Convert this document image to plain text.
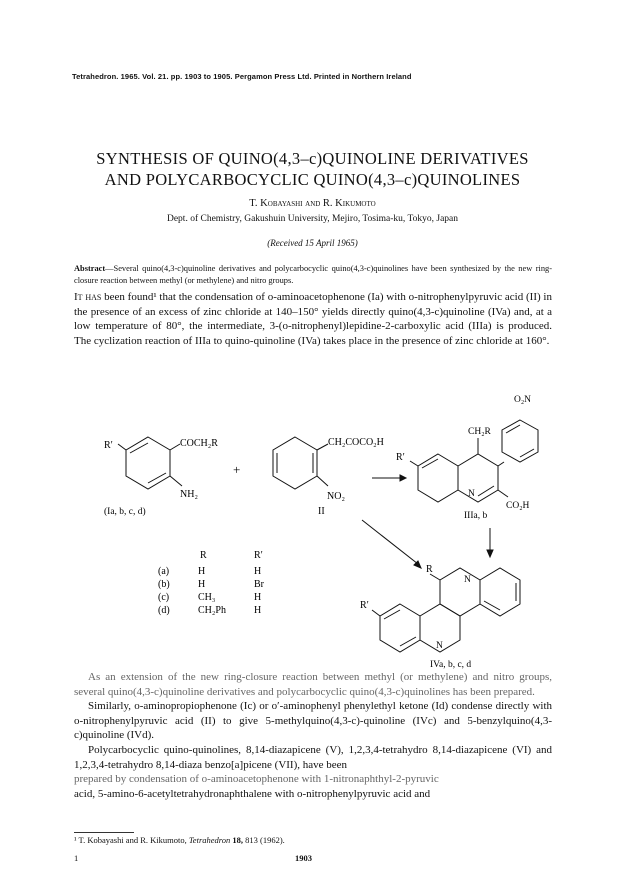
Tetrahedron. 1965. Vol. 21. pp. 1903 to 1905. Pergamon Press Ltd. Printed in Northern Ireland
SYNTHESIS OF QUINO(4,3–c)QUINOLINE DERIVATIVES
AND POLYCARBOCYCLIC QUINO(4,3–c)QUINOLINES
T. Kobayashi and R. Kikumoto
Dept. of Chemistry, Gakushuin University, Mejiro, Tosima-ku, Tokyo, Japan
(Received 15 April 1965)
Abstract—Several quino(4,3-c)quinoline derivatives and polycarbocyclic quino(4,3-c)quinolines have been synthesized by the new ring-closure reaction between methyl (or methylene) and nitro groups.
It has been found¹ that the condensation of o-aminoacetophenone (Ia) with o-nitrophenylpyruvic acid (II) in the presence of an excess of zinc chloride at 140–150° yields directly quino(4,3-c)quinoline (IVa) and, at a low temperature of 80°, the intermediate, 3-(o-nitrophenyl)lepidine-2-carboxylic acid (IIIa) is produced. The cyclization reaction of IIIa to quino-quinoline (IVa) takes place in the presence of zinc chloride at 160°.
R′	COCH₂R
NH₂
(Ia, b, c, d)
+
CH₂COCO₂H
NO₂
II
O₂N
CH₂R
R′
N
CO₂H
IIIa, b
R
N
R′
N
IVa, b, c, d
R	R′
(a)	H	H
(b)	H	Br
(c)	CH₃	H
(d)	CH₂Ph	H

As an extension of the new ring-closure reaction between methyl (or methylene) and nitro groups, several quino(4,3-c)quinoline derivatives and polycarbocyclic quino(4,3-c)quinolines has been prepared.

Similarly, o-aminopropiophenone (Ic) or o′-aminophenyl phenylethyl ketone (Id) condense directly with o-nitrophenylpyruvic acid (II) to give 5-methylquino(4,3-c)-quinoline (IVc) and 5-benzylquino(4,3-c)quinoline (IVd).

Polycarbocyclic quino-quinolines, 8,14-diazapicene (V), 1,2,3,4-tetrahydro 8,14-diazapicene (VI) and 1,2,3,4-tetrahydro 8,14-diaza benzo[a]picene (VII), have been

prepared by condensation of o-aminoacetophenone with 1-nitronaphthyl-2-pyruvic
acid, 5-amino-6-acetyltetrahydronaphthalene with o-nitrophenylpyruvic acid and
¹ T. Kobayashi and R. Kikumoto, Tetrahedron 18, 813 (1962).
1	1903
